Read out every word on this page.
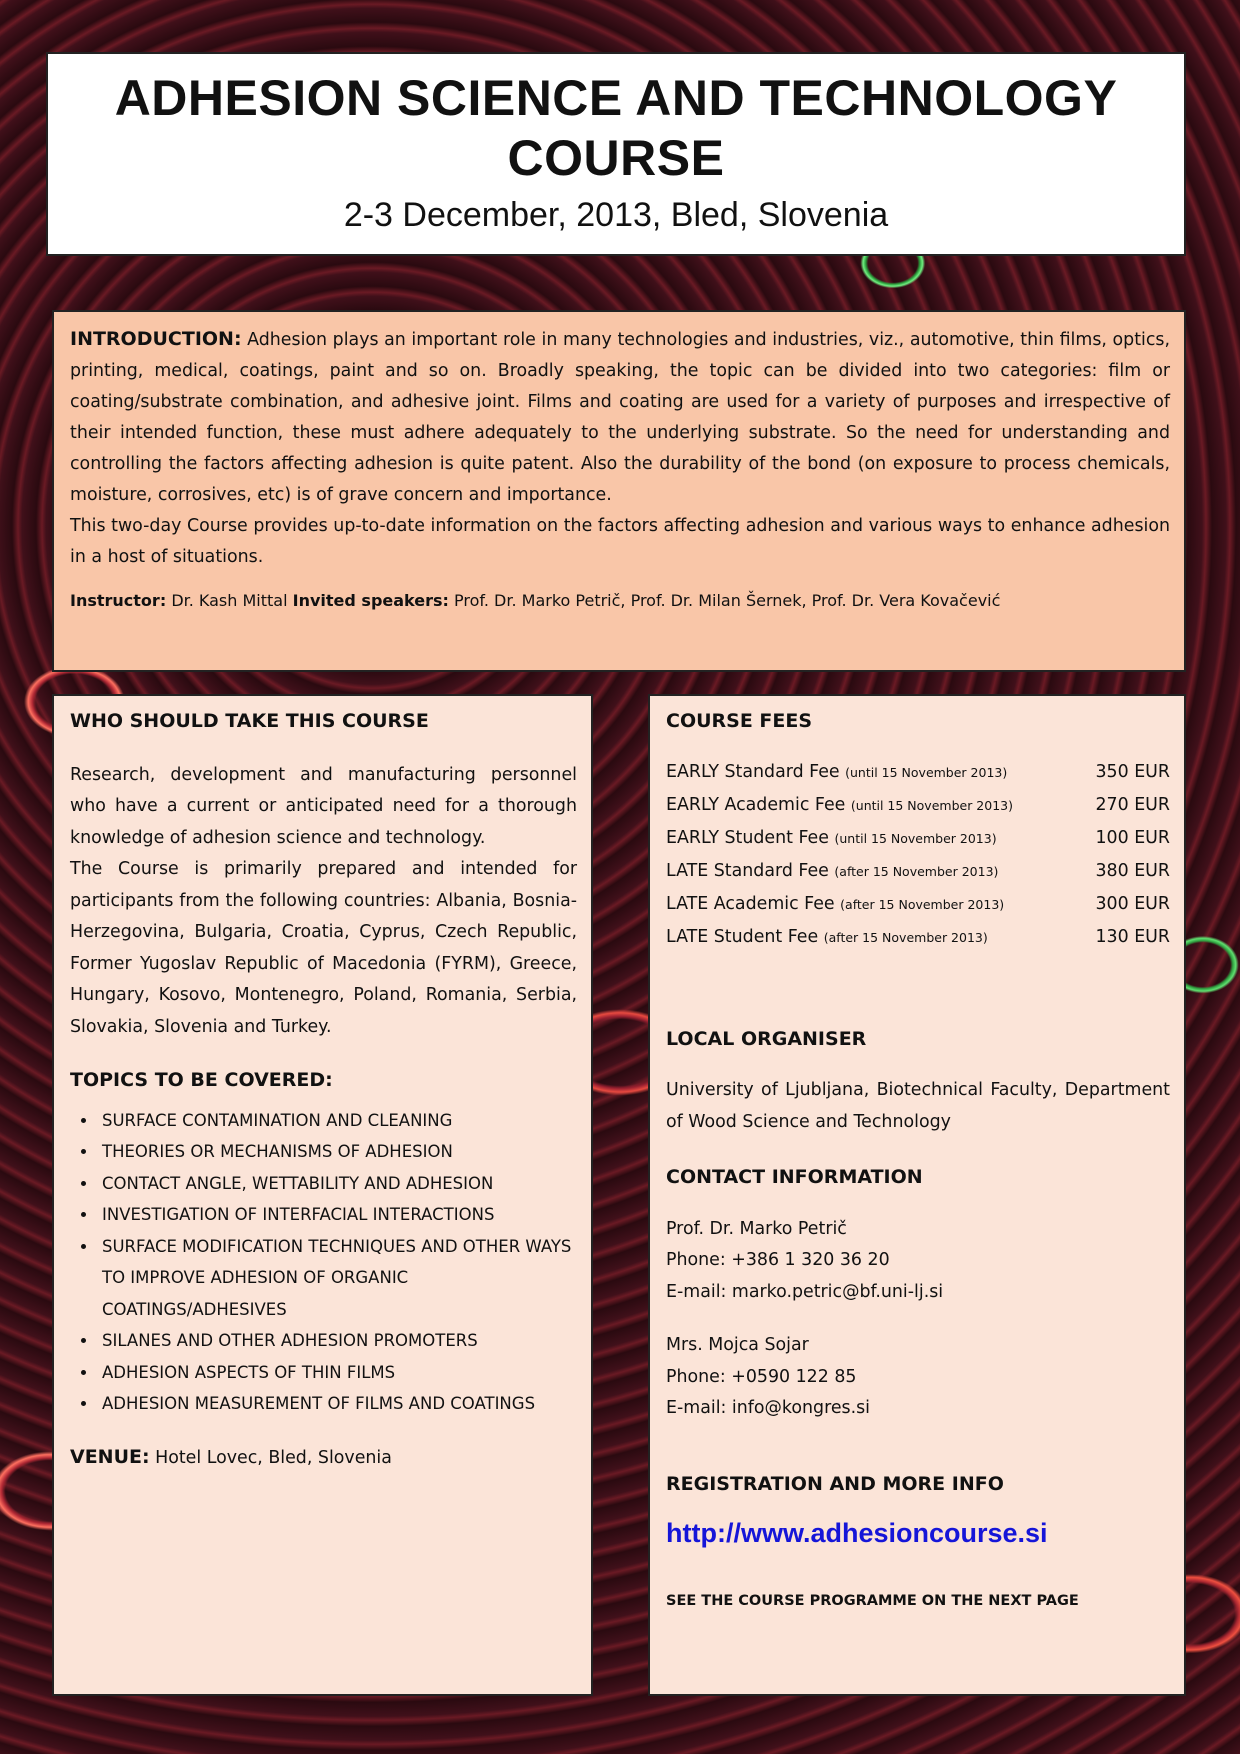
ADHESION SCIENCE AND TECHNOLOGY COURSE
2-3 December, 2013, Bled, Slovenia

INTRODUCTION: Adhesion plays an important role in many technologies and industries, viz., automotive, thin films, optics, printing, medical, coatings, paint and so on. Broadly speaking, the topic can be divided into two categories: film or coating/substrate combination, and adhesive joint. Films and coating are used for a variety of purposes and irrespective of their intended function, these must adhere adequately to the underlying substrate. So the need for understanding and controlling the factors affecting adhesion is quite patent. Also the durability of the bond (on exposure to process chemicals, moisture, corrosives, etc) is of grave concern and importance.

This two-day Course provides up-to-date information on the factors affecting adhesion and various ways to enhance adhesion in a host of situations.

Instructor: Dr. Kash Mittal Invited speakers: Prof. Dr. Marko Petrič, Prof. Dr. Milan Šernek, Prof. Dr. Vera Kovačević

WHO SHOULD TAKE THIS COURSE

Research, development and manufacturing personnel who have a current or anticipated need for a thorough knowledge of adhesion science and technology.

The Course is primarily prepared and intended for participants from the following countries: Albania, Bosnia-Herzegovina, Bulgaria, Croatia, Cyprus, Czech Republic, Former Yugoslav Republic of Macedonia (FYRM), Greece, Hungary, Kosovo, Montenegro, Poland, Romania, Serbia, Slovakia, Slovenia and Turkey.

TOPICS TO BE COVERED:

• SURFACE CONTAMINATION AND CLEANING
• THEORIES OR MECHANISMS OF ADHESION
• CONTACT ANGLE, WETTABILITY AND ADHESION
• INVESTIGATION OF INTERFACIAL INTERACTIONS
• SURFACE MODIFICATION TECHNIQUES AND OTHER WAYS TO IMPROVE ADHESION OF ORGANIC COATINGS/ADHESIVES
• SILANES AND OTHER ADHESION PROMOTERS
• ADHESION ASPECTS OF THIN FILMS
• ADHESION MEASUREMENT OF FILMS AND COATINGS

VENUE: Hotel Lovec, Bled, Slovenia

COURSE FEES

EARLY Standard Fee (until 15 November 2013)	350 EUR
EARLY Academic Fee (until 15 November 2013)	270 EUR
EARLY Student Fee (until 15 November 2013)	100 EUR
LATE Standard Fee (after 15 November 2013)	380 EUR
LATE Academic Fee (after 15 November 2013)	300 EUR
LATE Student Fee (after 15 November 2013)	130 EUR

LOCAL ORGANISER

University of Ljubljana, Biotechnical Faculty, Department of Wood Science and Technology

CONTACT INFORMATION

Prof. Dr. Marko Petrič
Phone: +386 1 320 36 20
E-mail: marko.petric@bf.uni-lj.si
Mrs. Mojca Sojar
Phone: +0590 122 85
E-mail: info@kongres.si

REGISTRATION AND MORE INFO

http://www.adhesioncourse.si
SEE THE COURSE PROGRAMME ON THE NEXT PAGE
